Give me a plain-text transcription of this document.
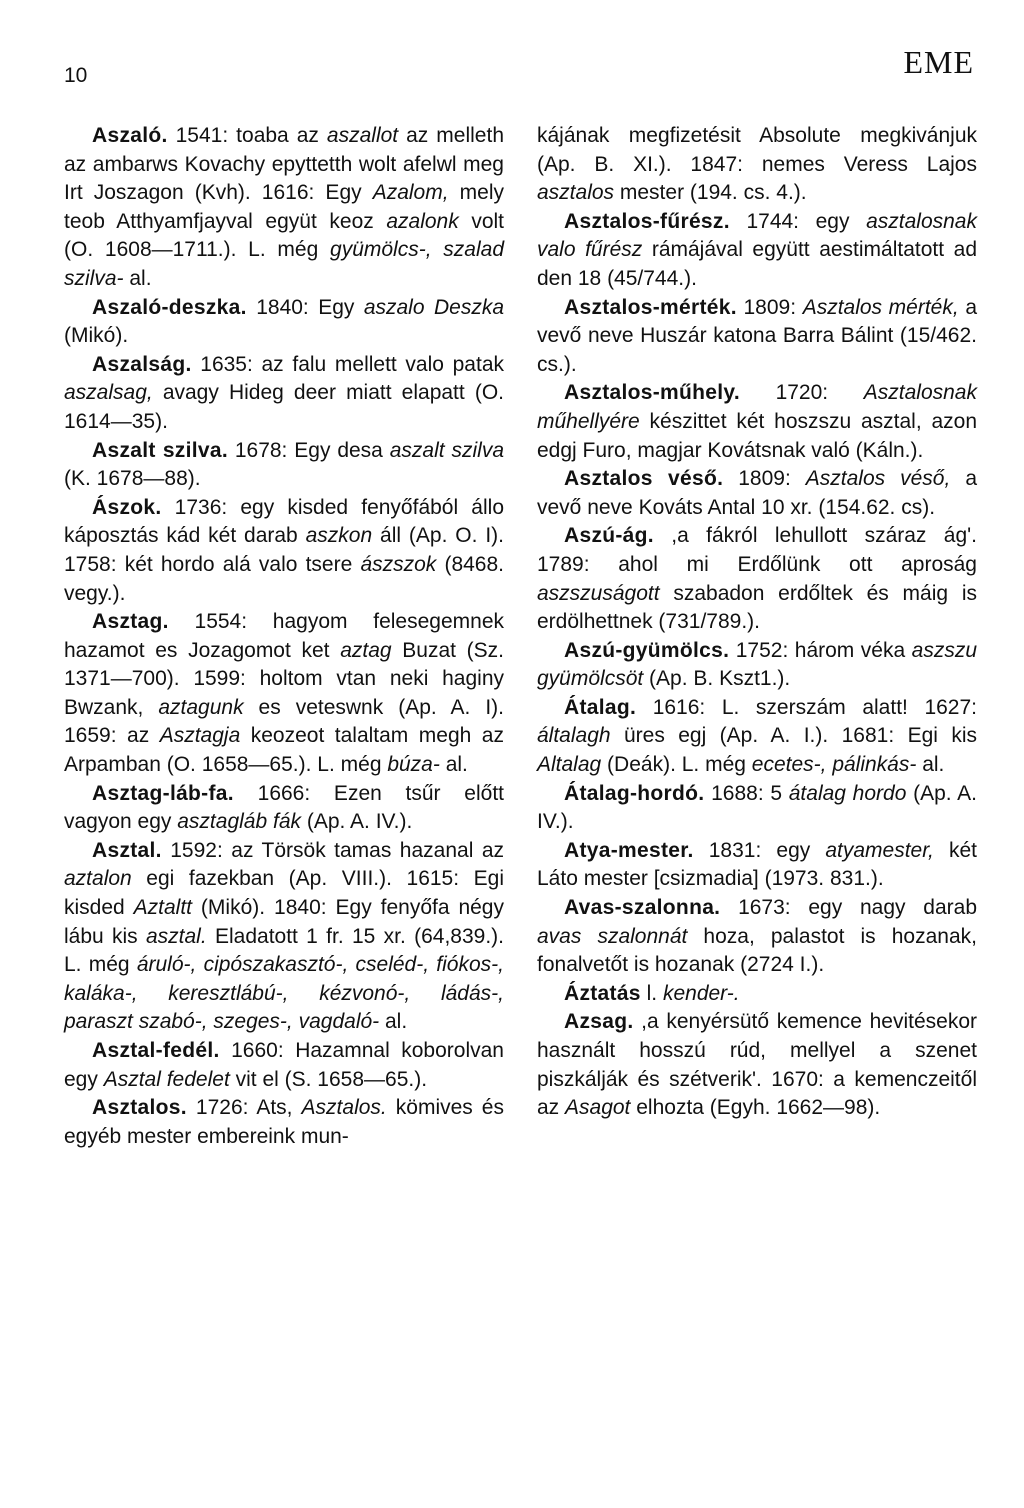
10	EME

Aszaló. 1541: toaba az aszallot az melleth az ambarws Kovachy epyttetth wolt afelwl meg Irt Joszagon (Kvh). 1616: Egy Azalom, mely teob Atthyamfjayval együt keoz azalonk volt (O. 1608—1711.). L. még gyümölcs-, szalad szilva- al.

Aszaló-deszka. 1840: Egy aszalo Deszka (Mikó).

Aszalság. 1635: az falu mellett valo patak aszalsag, avagy Hideg deer miatt elapatt (O. 1614—35).

Aszalt szilva. 1678: Egy desa aszalt szilva (K. 1678—88).

Ászok. 1736: egy kisded fenyőfából állo káposztás kád két darab aszkon áll (Ap. O. I). 1758: két hordo alá valo tsere ászszok (8468. vegy.).

Asztag. 1554: hagyom felesegemnek hazamot es Jozagomot ket aztag Buzat (Sz. 1371—700). 1599: holtom vtan neki haginy Bwzank, aztagunk es veteswnk (Ap. A. I). 1659: az Asztagja keozeot talaltam megh az Arpamban (O. 1658—65.). L. még búza- al.

Asztag-láb-fa. 1666: Ezen tsűr előtt vagyon egy asztagláb fák (Ap. A. IV.).

Asztal. 1592: az Törsök tamas hazanal az aztalon egi fazekban (Ap. VIII.). 1615: Egi kisded Aztaltt (Mikó). 1840: Egy fenyőfa négy lábu kis asztal. Eladatott 1 fr. 15 xr. (64,839.). L. még áruló-, cipószakasztó-, cseléd-, fiókos-, kaláka-, keresztlábú-, kézvonó-, ládás-, paraszt szabó-, szeges-, vagdaló- al.

Asztal-fedél. 1660: Hazamnal koborolvan egy Asztal fedelet vit el (S. 1658—65.).

Asztalos. 1726: Ats, Asztalos. kömives és egyéb mester embereink mun-

kájának megfizetésit Absolute megkivánjuk (Ap. B. XI.). 1847: nemes Veress Lajos asztalos mester (194. cs. 4.).

Asztalos-fűrész. 1744: egy asztalosnak valo fűrész rámájával együtt aestimáltatott ad den 18 (45/744.).

Asztalos-mérték. 1809: Asztalos mérték, a vevő neve Huszár katona Barra Bálint (15/462. cs.).

Asztalos-műhely. 1720: Asztalosnak műhellyére készittet két hoszszu asztal, azon edgj Furo, magjar Kovátsnak való (Káln.).

Asztalos véső. 1809: Asztalos véső, a vevő neve Kováts Antal 10 xr. (154.62. cs).

Aszú-ág. ,a fákról lehullott száraz ág'. 1789: ahol mi Erdőlünk ott aproság aszszuságott szabadon erdőltek és máig is erdölhettnek (731/789.).

Aszú-gyümölcs. 1752: három véka aszszu gyümölcsöt (Ap. B. Kszt1.).

Átalag. 1616: L. szerszám alatt! 1627: általagh üres egj (Ap. A. I.). 1681: Egi kis Altalag (Deák). L. még ecetes-, pálinkás- al.

Átalag-hordó. 1688: 5 átalag hordo (Ap. A. IV.).

Atya-mester. 1831: egy atyamester, két Láto mester [csizmadia] (1973. 831.).

Avas-szalonna. 1673: egy nagy darab avas szalonnát hoza, palastot is hozanak, fonalvetőt is hozanak (2724 I.).

Áztatás l. kender-.

Azsag. ,a kenyérsütő kemence hevitésekor használt hosszú rúd, mellyel a szenet piszkálják és szétverik'. 1670: a kemenczeitől az Asagot elhozta (Egyh. 1662—98).
